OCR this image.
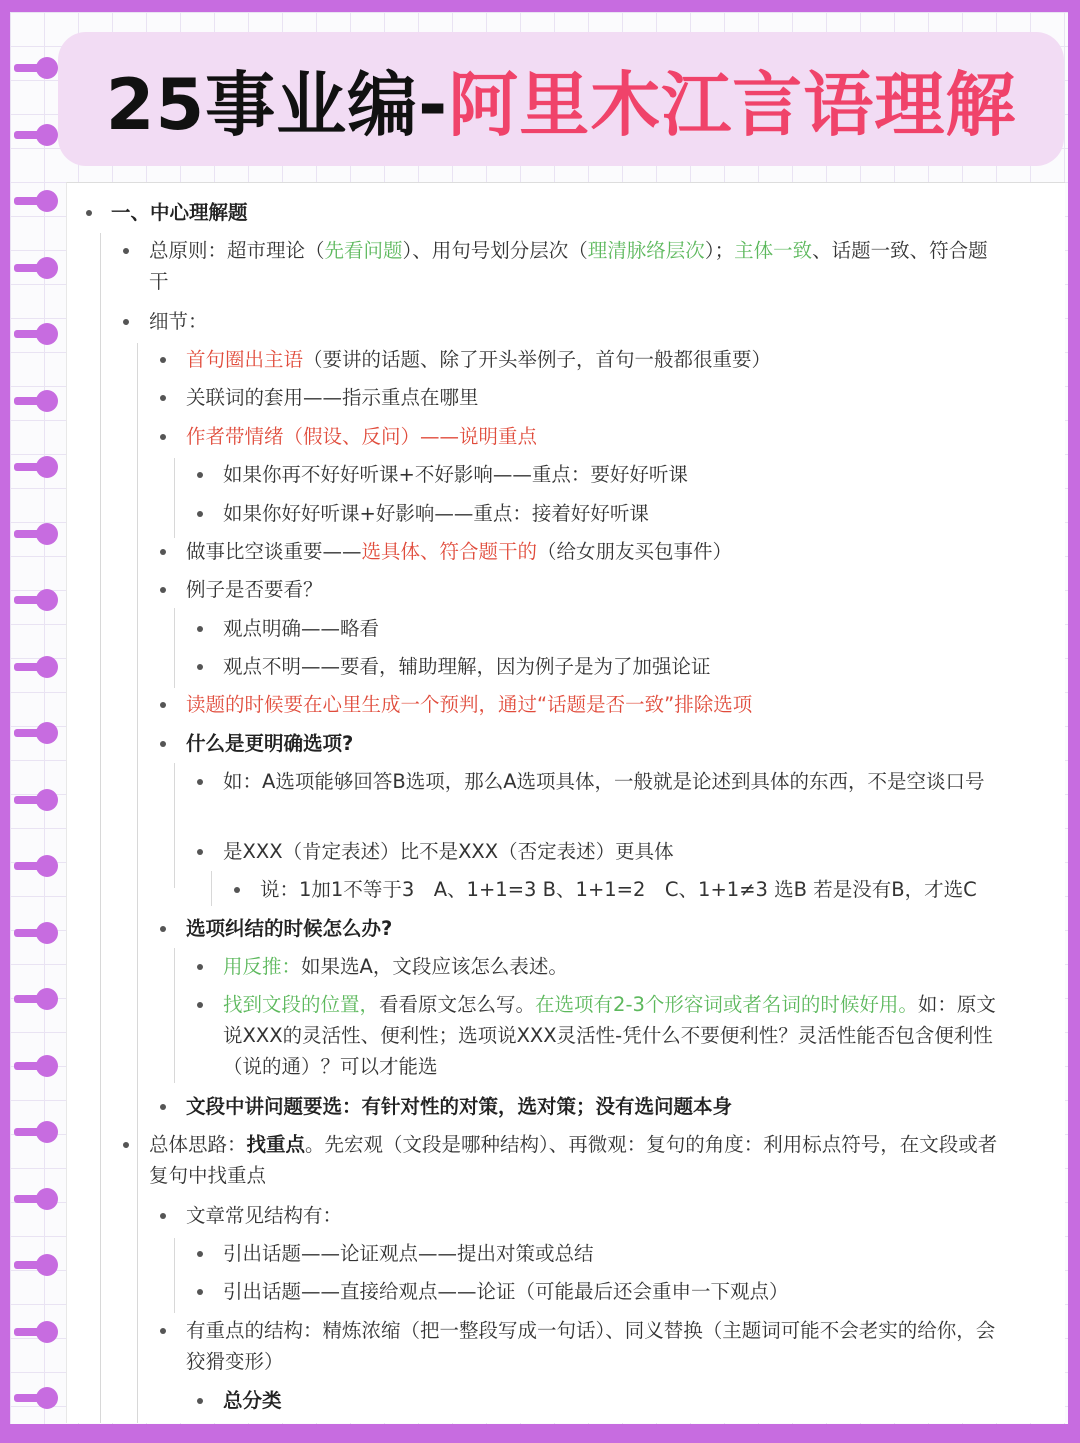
25事业编-阿里木江言语理解
一、中心理解题
总原则：超市理论（先看问题）、用句号划分层次（理清脉络层次）；主体一致、话题一致、符合题干
细节：
首句圈出主语（要讲的话题、除了开头举例子，首句一般都很重要）
关联词的套用——指示重点在哪里
作者带情绪（假设、反问）——说明重点
如果你再不好好听课+不好影响——重点：要好好听课
如果你好好听课+好影响——重点：接着好好听课
做事比空谈重要——选具体、符合题干的（给女朋友买包事件）
例子是否要看？
观点明确——略看
观点不明——要看，辅助理解，因为例子是为了加强论证
读题的时候要在心里生成一个预判，通过“话题是否一致”排除选项
什么是更明确选项?
如：A选项能够回答B选项，那么A选项具体，一般就是论述到具体的东西，不是空谈口号
是XXX（肯定表述）比不是XXX（否定表述）更具体
说：1加1不等于3　A、1+1=3 B、1+1=2　C、1+1≠3 选B 若是没有B，才选C
选项纠结的时候怎么办?
用反推：如果选A，文段应该怎么表述。
找到文段的位置，看看原文怎么写。在选项有2-3个形容词或者名词的时候好用。如：原文说XXX的灵活性、便利性；选项说XXX灵活性-凭什么不要便利性？灵活性能否包含便利性（说的通）？可以才能选
文段中讲问题要选：有针对性的对策，选对策；没有选问题本身
总体思路：找重点。先宏观（文段是哪种结构）、再微观：复句的角度：利用标点符号，在文段或者复句中找重点
文章常见结构有：
引出话题——论证观点——提出对策或总结
引出话题——直接给观点——论证（可能最后还会重申一下观点）
有重点的结构：精炼浓缩（把一整段写成一句话）、同义替换（主题词可能不会老实的给你，会狡猾变形）
总分类
